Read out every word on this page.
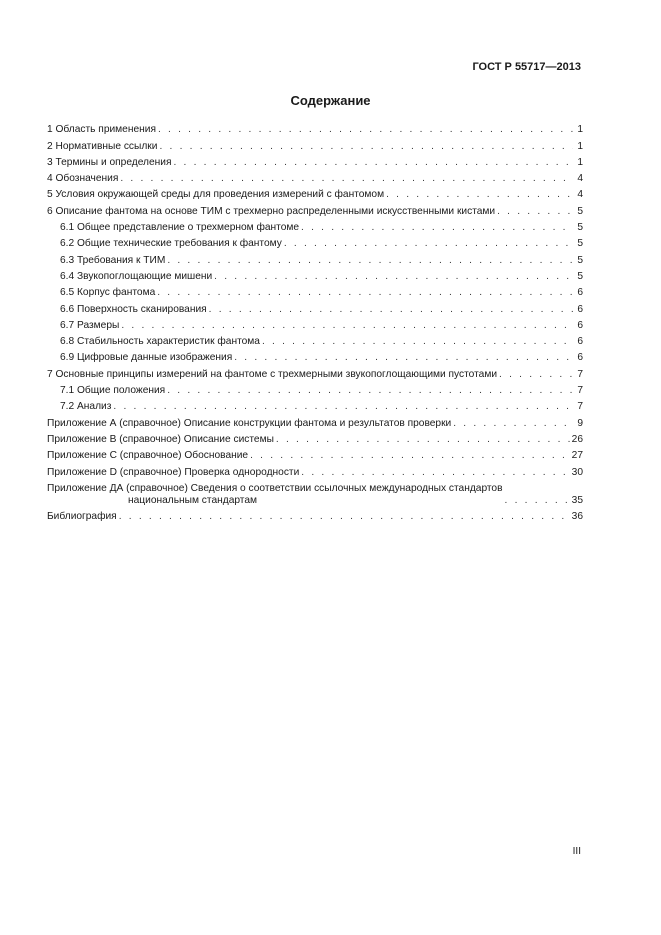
ГОСТ Р 55717—2013
Содержание
1 Область применения . . .	1
2 Нормативные ссылки . . .	1
3 Термины и определения . . .	1
4 Обозначения . . .	4
5 Условия окружающей среды для проведения измерений с фантомом . . .	4
6 Описание фантома на основе ТИМ с трехмерно распределенными искусственными кистами . . .	5
6.1 Общее представление о трехмерном фантоме . . .	5
6.2 Общие технические требования к фантому . . .	5
6.3 Требования к ТИМ . . .	5
6.4 Звукопоглощающие мишени . . .	5
6.5 Корпус фантома . . .	6
6.6 Поверхность сканирования . . .	6
6.7 Размеры . . .	6
6.8 Стабильность характеристик фантома . . .	6
6.9 Цифровые данные изображения . . .	6
7 Основные принципы измерений на фантоме с трехмерными звукопоглощающими пустотами . . .	7
7.1 Общие положения . . .	7
7.2 Анализ . . .	7
Приложение А (справочное) Описание конструкции фантома и результатов проверки . . .	9
Приложение В (справочное) Описание системы . . .	26
Приложение С (справочное) Обоснование . . .	27
Приложение D (справочное) Проверка однородности . . .	30
Приложение ДА (справочное) Сведения о соответствии ссылочных международных стандартов
национальным стандартам . . .	35
Библиография . . .	36
III
